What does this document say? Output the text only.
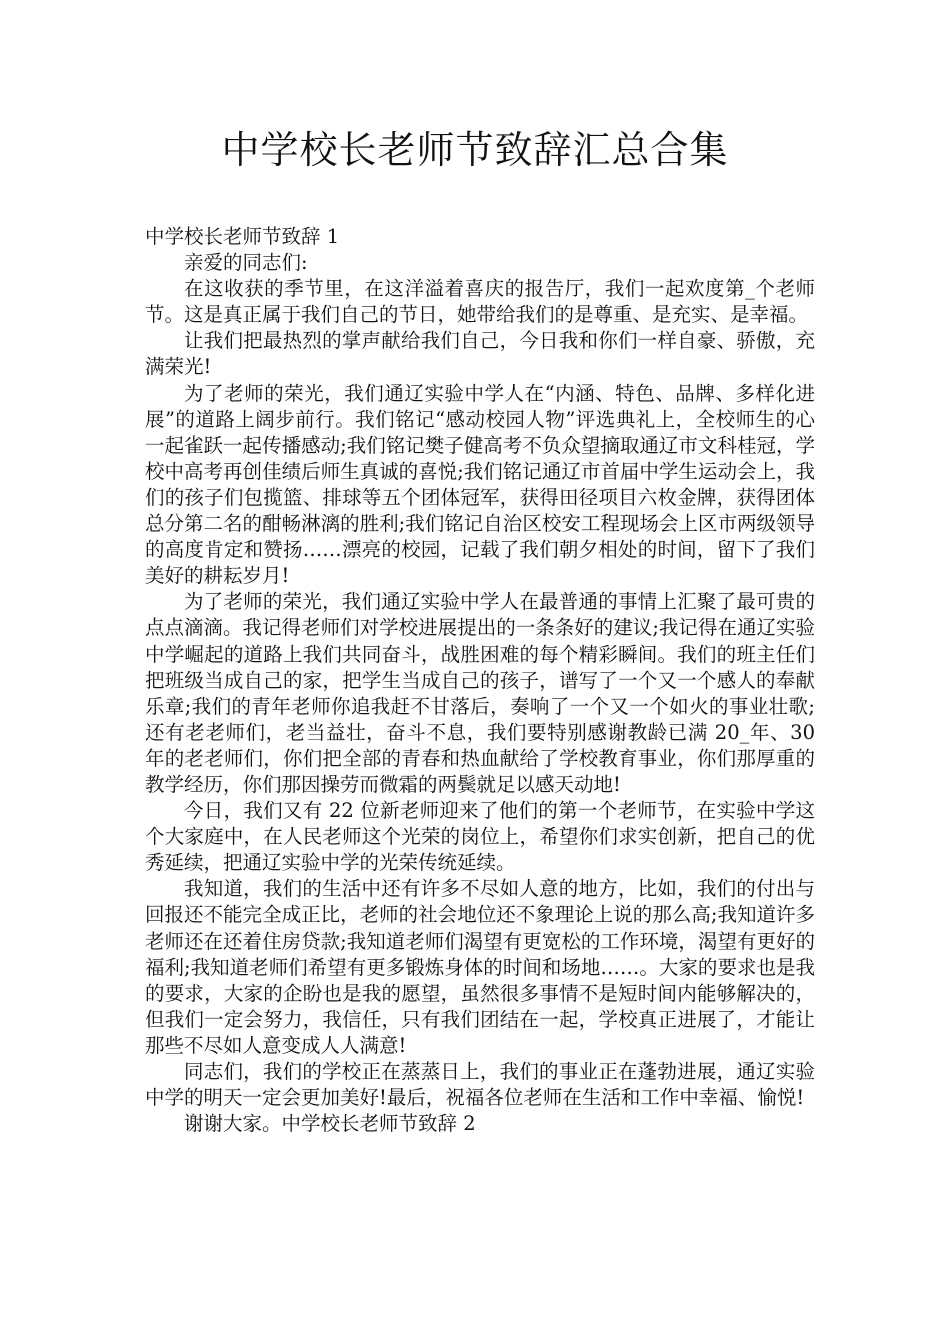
中学校长老师节致辞汇总合集

中学校长老师节致辞 1

亲爱的同志们:

在这收获的季节里，在这洋溢着喜庆的报告厅，我们一起欢度第_个老师节。这是真正属于我们自己的节日，她带给我们的是尊重、是充实、是幸福。

让我们把最热烈的掌声献给我们自己，今日我和你们一样自豪、骄傲，充满荣光!

为了老师的荣光，我们通辽实验中学人在“内涵、特色、品牌、多样化进展”的道路上阔步前行。我们铭记“感动校园人物”评选典礼上，全校师生的心一起雀跃一起传播感动;我们铭记樊子健高考不负众望摘取通辽市文科桂冠，学校中高考再创佳绩后师生真诚的喜悦;我们铭记通辽市首届中学生运动会上，我们的孩子们包揽篮、排球等五个团体冠军，获得田径项目六枚金牌，获得团体总分第二名的酣畅淋漓的胜利;我们铭记自治区校安工程现场会上区市两级领导的高度肯定和赞扬……漂亮的校园，记载了我们朝夕相处的时间，留下了我们美好的耕耘岁月!

为了老师的荣光，我们通辽实验中学人在最普通的事情上汇聚了最可贵的点点滴滴。我记得老师们对学校进展提出的一条条好的建议;我记得在通辽实验中学崛起的道路上我们共同奋斗，战胜困难的每个精彩瞬间。我们的班主任们把班级当成自己的家，把学生当成自己的孩子，谱写了一个又一个感人的奉献乐章;我们的青年老师你追我赶不甘落后，奏响了一个又一个如火的事业壮歌;还有老老师们，老当益壮，奋斗不息，我们要特别感谢教龄已满 20_年、30 年的老老师们，你们把全部的青春和热血献给了学校教育事业，你们那厚重的教学经历，你们那因操劳而微霜的两鬓就足以感天动地!

今日，我们又有 22 位新老师迎来了他们的第一个老师节，在实验中学这个大家庭中，在人民老师这个光荣的岗位上，希望你们求实创新，把自己的优秀延续，把通辽实验中学的光荣传统延续。

我知道，我们的生活中还有许多不尽如人意的地方，比如，我们的付出与回报还不能完全成正比，老师的社会地位还不象理论上说的那么高;我知道许多老师还在还着住房贷款;我知道老师们渴望有更宽松的工作环境，渴望有更好的福利;我知道老师们希望有更多锻炼身体的时间和场地……。大家的要求也是我的要求，大家的企盼也是我的愿望，虽然很多事情不是短时间内能够解决的，但我们一定会努力，我信任，只有我们团结在一起，学校真正进展了，才能让那些不尽如人意变成人人满意!

同志们，我们的学校正在蒸蒸日上，我们的事业正在蓬勃进展，通辽实验中学的明天一定会更加美好!最后，祝福各位老师在生活和工作中幸福、愉悦!

谢谢大家。中学校长老师节致辞 2
